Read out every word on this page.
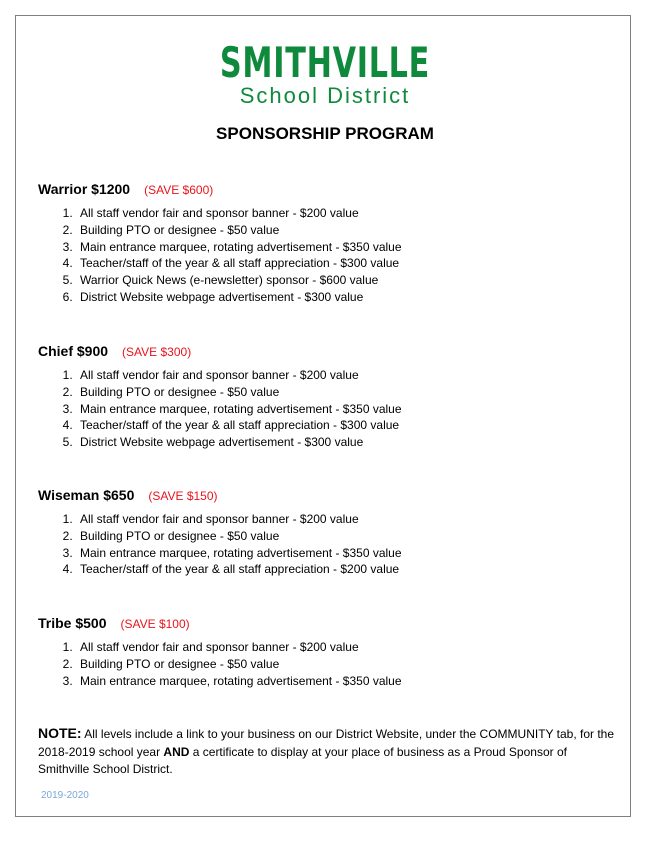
SMITHVILLE
School District
SPONSORSHIP PROGRAM
Warrior $1200 (SAVE $600)
1. All staff vendor fair and sponsor banner - $200 value
2. Building PTO or designee - $50 value
3. Main entrance marquee, rotating advertisement - $350 value
4. Teacher/staff of the year & all staff appreciation - $300 value
5. Warrior Quick News (e-newsletter) sponsor - $600 value
6. District Website webpage advertisement - $300 value
Chief $900 (SAVE $300)
1. All staff vendor fair and sponsor banner - $200 value
2. Building PTO or designee - $50 value
3. Main entrance marquee, rotating advertisement - $350 value
4. Teacher/staff of the year & all staff appreciation - $300 value
5. District Website webpage advertisement - $300 value
Wiseman $650 (SAVE $150)
1. All staff vendor fair and sponsor banner - $200 value
2. Building PTO or designee - $50 value
3. Main entrance marquee, rotating advertisement - $350 value
4. Teacher/staff of the year & all staff appreciation - $200 value
Tribe $500 (SAVE $100)
1. All staff vendor fair and sponsor banner - $200 value
2. Building PTO or designee - $50 value
3. Main entrance marquee, rotating advertisement - $350 value
NOTE: All levels include a link to your business on our District Website, under the COMMUNITY tab, for the 2018-2019 school year AND a certificate to display at your place of business as a Proud Sponsor of Smithville School District.
2019-2020
